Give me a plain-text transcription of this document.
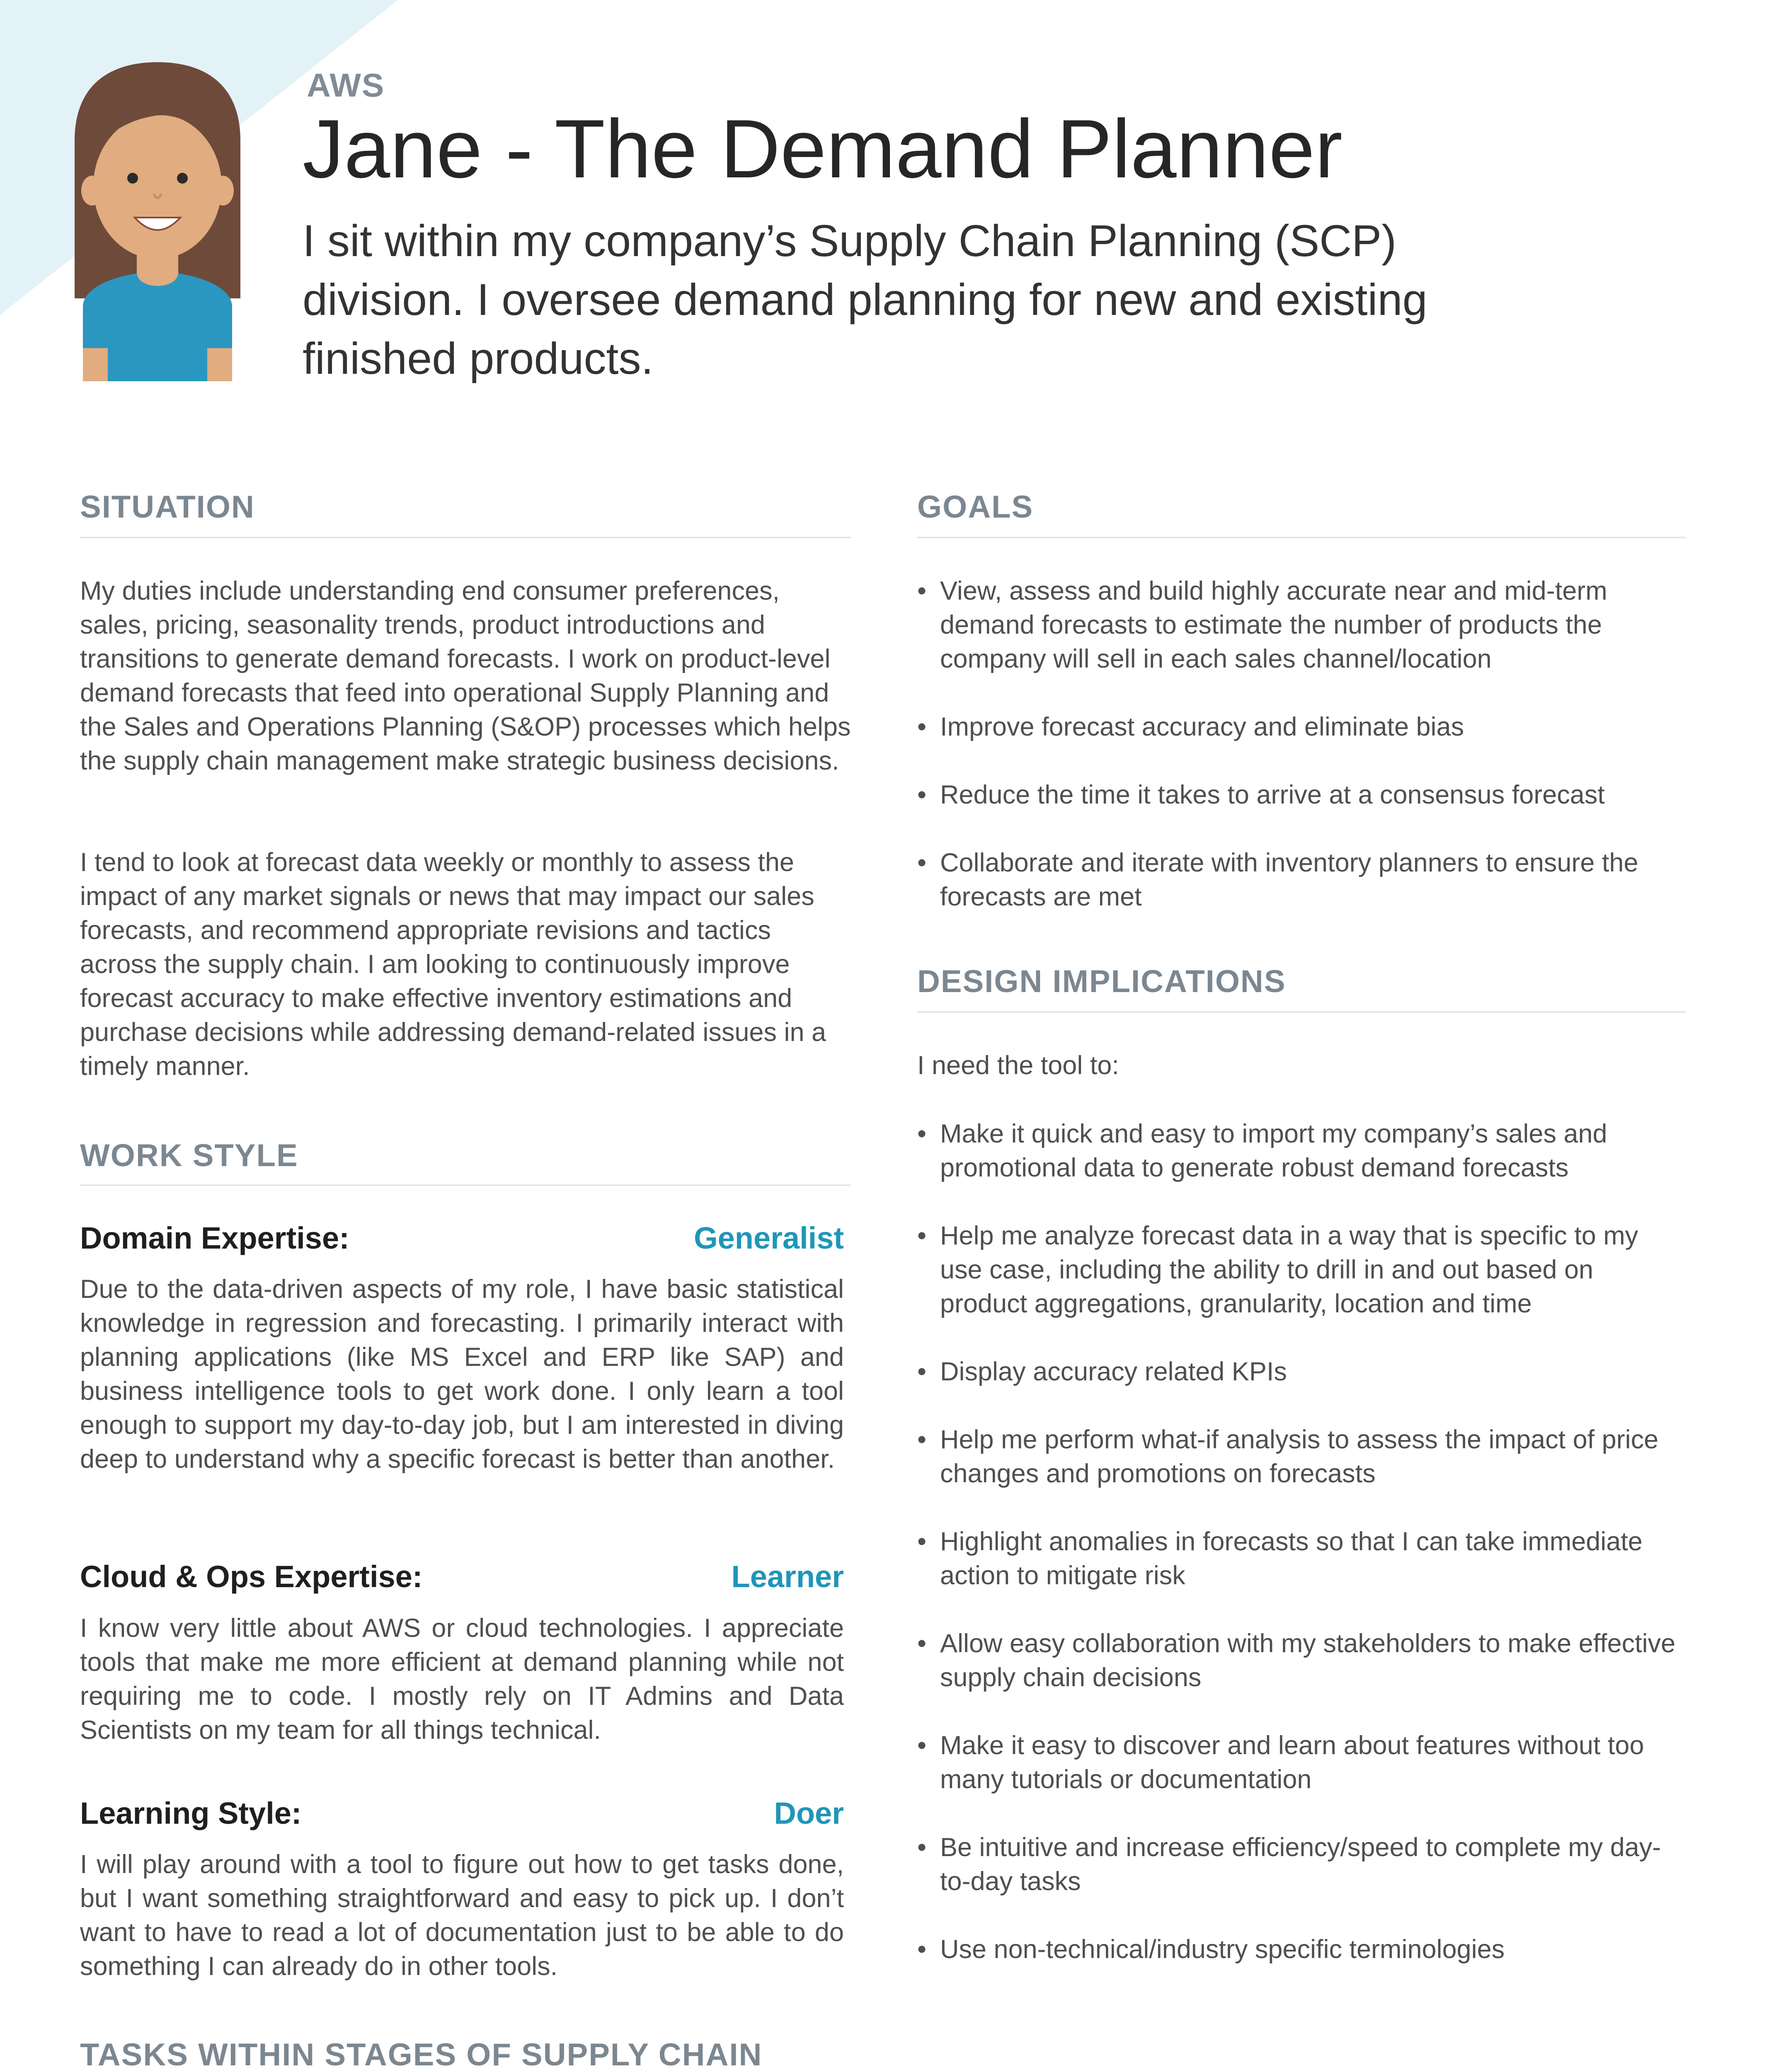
AWS
Jane - The Demand Planner
I sit within my company’s Supply Chain Planning (SCP) division. I oversee demand planning for new and existing finished products.
SITUATION
My duties include understanding end consumer preferences, sales, pricing, seasonality trends, product introductions and transitions to generate demand forecasts. I work on product-level demand forecasts that feed into operational Supply Planning and the Sales and Operations Planning (S&OP) processes which helps the supply chain management make strategic business decisions.
I tend to look at forecast data weekly or monthly to assess the impact of any market signals or news that may impact our sales forecasts, and recommend appropriate revisions and tactics across the supply chain. I am looking to continuously improve forecast accuracy to make effective inventory estimations and purchase decisions while addressing demand-related issues in a timely manner.
WORK STYLE
Domain Expertise:	Generalist
Due to the data-driven aspects of my role, I have basic statistical knowledge in regression and forecasting. I primarily interact with planning applications (like MS Excel and ERP like SAP) and business intelligence tools to get work done. I only learn a tool enough to support my day-to-day job, but I am interested in diving deep to understand why a specific forecast is better than another.
Cloud & Ops Expertise:	Learner
I know very little about AWS or cloud technologies. I appreciate tools that make me more efficient at demand planning while not requiring me to code. I mostly rely on IT Admins and Data Scientists on my team for all things technical.
Learning Style:	Doer
I will play around with a tool to figure out how to get tasks done, but I want something straightforward and easy to pick up. I don’t want to have to read a lot of documentation just to be able to do something I can already do in other tools.
GOALS
• View, assess and build highly accurate near and mid-term demand forecasts to estimate the number of products the company will sell in each sales channel/location
• Improve forecast accuracy and eliminate bias
• Reduce the time it takes to arrive at a consensus forecast
• Collaborate and iterate with inventory planners to ensure the forecasts are met
DESIGN IMPLICATIONS
I need the tool to:
• Make it quick and easy to import my company’s sales and promotional data to generate robust demand forecasts
• Help me analyze forecast data in a way that is specific to my use case, including the ability to drill in and out based on product aggregations, granularity, location and time
• Display accuracy related KPIs
• Help me perform what-if analysis to assess the impact of price changes and promotions on forecasts
• Highlight anomalies in forecasts so that I can take immediate action to mitigate risk
• Allow easy collaboration with my stakeholders to make effective supply chain decisions
• Make it easy to discover and learn about features without too many tutorials or documentation
• Be intuitive and increase efficiency/speed to complete my day-to-day tasks
• Use non-technical/industry specific terminologies
TASKS WITHIN STAGES OF SUPPLY CHAIN
